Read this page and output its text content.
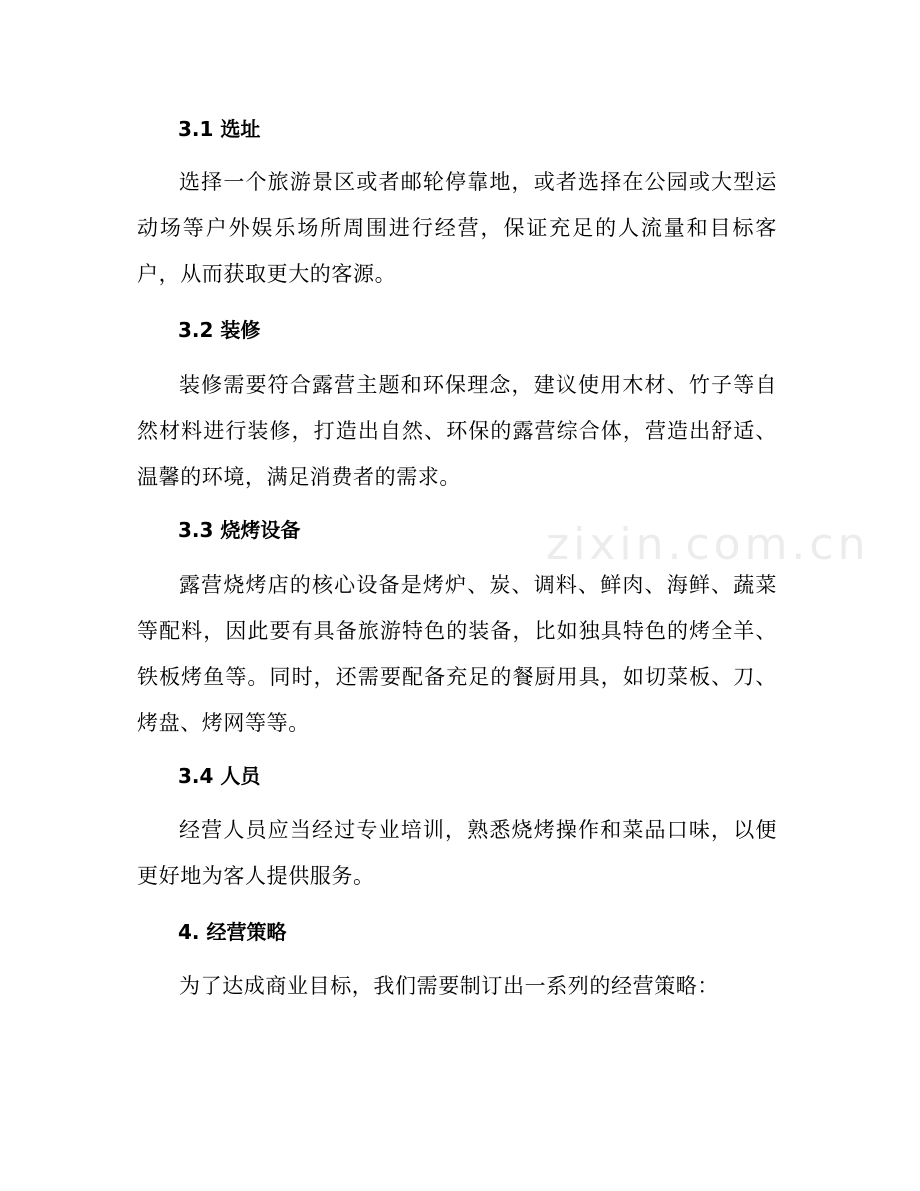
3.1 选址
选择一个旅游景区或者邮轮停靠地，或者选择在公园或大型运动场等户外娱乐场所周围进行经营，保证充足的人流量和目标客户，从而获取更大的客源。
3.2 装修
装修需要符合露营主题和环保理念，建议使用木材、竹子等自然材料进行装修，打造出自然、环保的露营综合体，营造出舒适、温馨的环境，满足消费者的需求。
3.3 烧烤设备
露营烧烤店的核心设备是烤炉、炭、调料、鲜肉、海鲜、蔬菜等配料，因此要有具备旅游特色的装备，比如独具特色的烤全羊、铁板烤鱼等。同时，还需要配备充足的餐厨用具，如切菜板、刀、烤盘、烤网等等。
3.4 人员
经营人员应当经过专业培训，熟悉烧烤操作和菜品口味，以便更好地为客人提供服务。
4. 经营策略
为了达成商业目标，我们需要制订出一系列的经营策略：
zixin.com.cn
